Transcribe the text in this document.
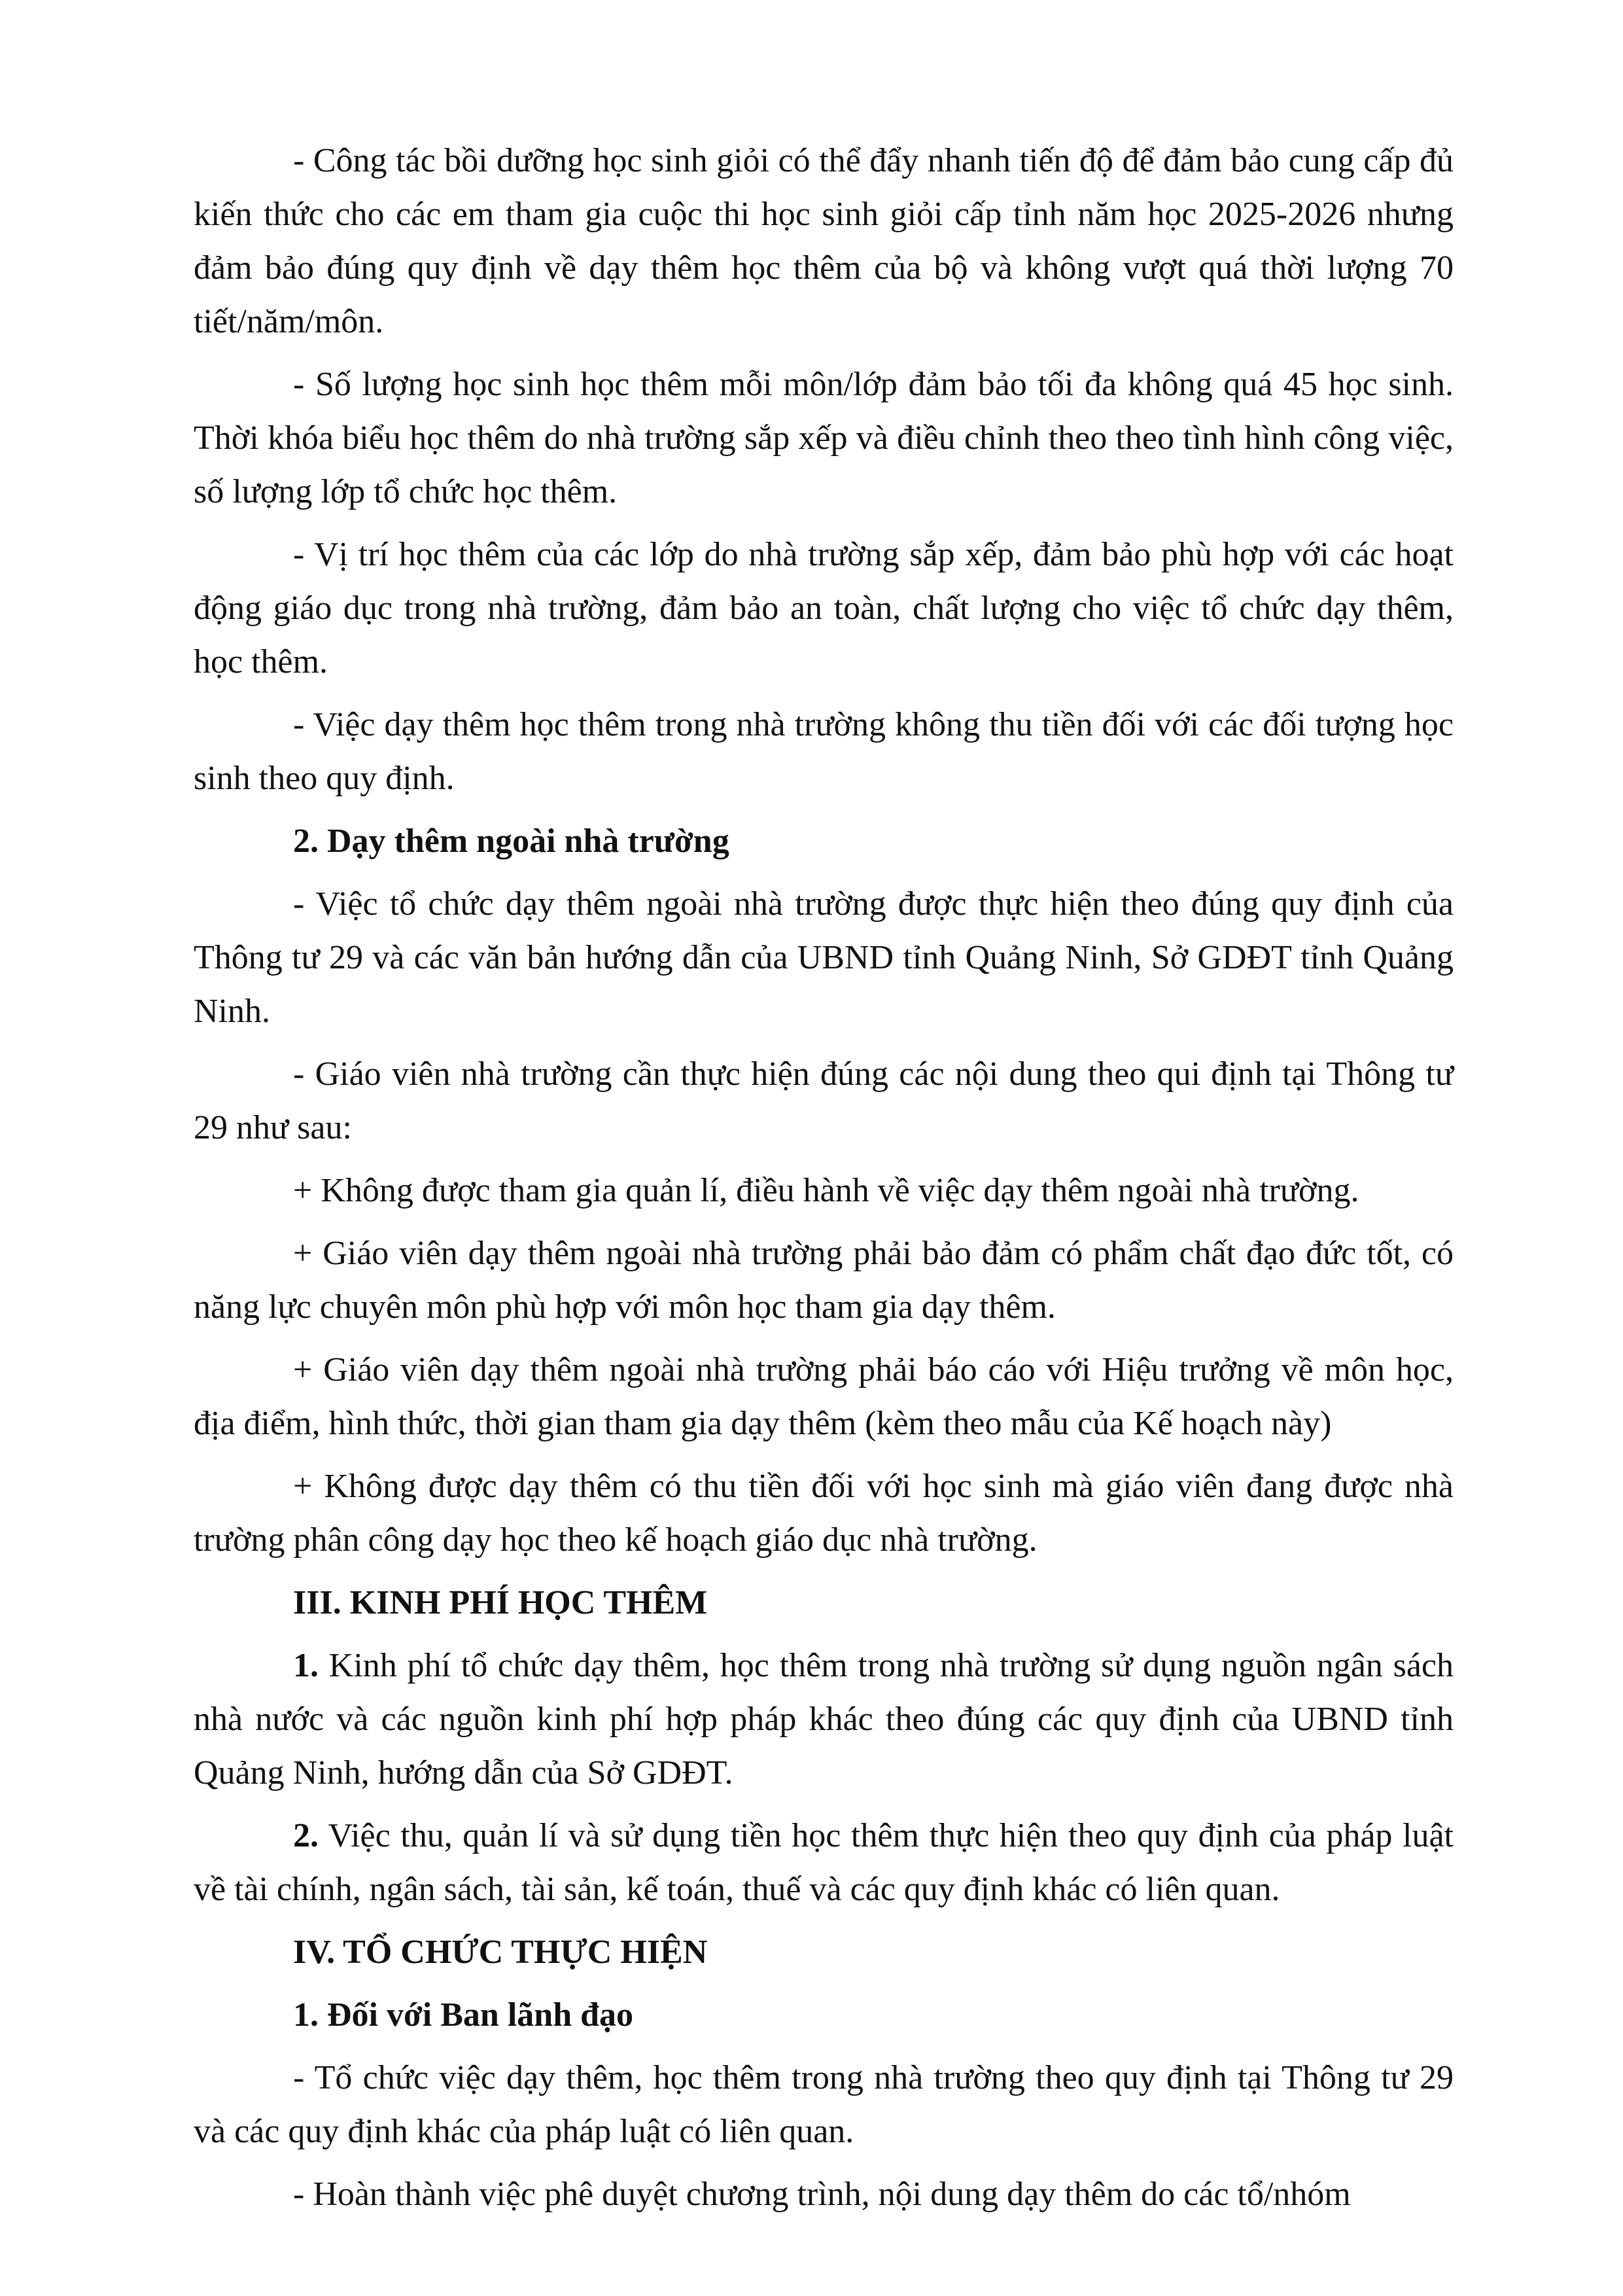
- Công tác bồi dưỡng học sinh giỏi có thể đẩy nhanh tiến độ để đảm bảo cung cấp đủ kiến thức cho các em tham gia cuộc thi học sinh giỏi cấp tỉnh năm học 2025-2026 nhưng đảm bảo đúng quy định về dạy thêm học thêm của bộ và không vượt quá thời lượng 70 tiết/năm/môn.

- Số lượng học sinh học thêm mỗi môn/lớp đảm bảo tối đa không quá 45 học sinh. Thời khóa biểu học thêm do nhà trường sắp xếp và điều chỉnh theo theo tình hình công việc, số lượng lớp tổ chức học thêm.

- Vị trí học thêm của các lớp do nhà trường sắp xếp, đảm bảo phù hợp với các hoạt động giáo dục trong nhà trường, đảm bảo an toàn, chất lượng cho việc tổ chức dạy thêm, học thêm.

- Việc dạy thêm học thêm trong nhà trường không thu tiền đối với các đối tượng học sinh theo quy định.

2. Dạy thêm ngoài nhà trường

- Việc tổ chức dạy thêm ngoài nhà trường được thực hiện theo đúng quy định của Thông tư 29 và các văn bản hướng dẫn của UBND tỉnh Quảng Ninh, Sở GDĐT tỉnh Quảng Ninh.

- Giáo viên nhà trường cần thực hiện đúng các nội dung theo qui định tại Thông tư 29 như sau:

+ Không được tham gia quản lí, điều hành về việc dạy thêm ngoài nhà trường.

+ Giáo viên dạy thêm ngoài nhà trường phải bảo đảm có phẩm chất đạo đức tốt, có năng lực chuyên môn phù hợp với môn học tham gia dạy thêm.

+ Giáo viên dạy thêm ngoài nhà trường phải báo cáo với Hiệu trưởng về môn học, địa điểm, hình thức, thời gian tham gia dạy thêm (kèm theo mẫu của Kế hoạch này)

+ Không được dạy thêm có thu tiền đối với học sinh mà giáo viên đang được nhà trường phân công dạy học theo kế hoạch giáo dục nhà trường.

III. KINH PHÍ HỌC THÊM

1. Kinh phí tổ chức dạy thêm, học thêm trong nhà trường sử dụng nguồn ngân sách nhà nước và các nguồn kinh phí hợp pháp khác theo đúng các quy định của UBND tỉnh Quảng Ninh, hướng dẫn của Sở GDĐT.

2. Việc thu, quản lí và sử dụng tiền học thêm thực hiện theo quy định của pháp luật về tài chính, ngân sách, tài sản, kế toán, thuế và các quy định khác có liên quan.

IV. TỔ CHỨC THỰC HIỆN

1. Đối với Ban lãnh đạo

- Tổ chức việc dạy thêm, học thêm trong nhà trường theo quy định tại Thông tư 29 và các quy định khác của pháp luật có liên quan.

- Hoàn thành việc phê duyệt chương trình, nội dung dạy thêm do các tổ/nhóm
